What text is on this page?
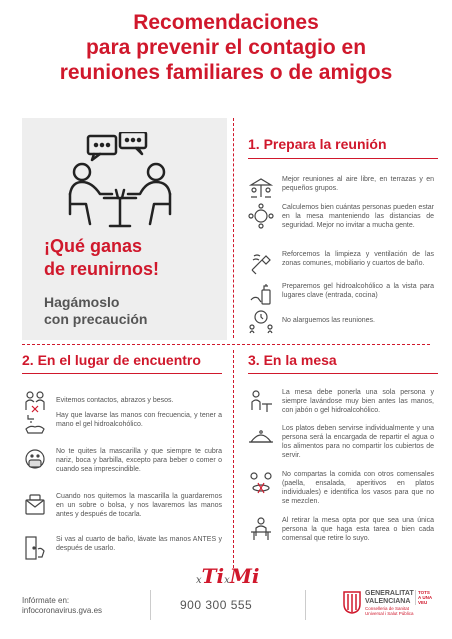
Recomendaciones
para prevenir el contagio en
reuniones familiares o de amigos
¡Qué ganas
de reunirnos!
Hagámoslo
con precaución
1. Prepara la reunión
Mejor reuniones al aire libre, en terrazas y en pequeños grupos.
Calculemos bien cuántas personas pueden estar en la mesa manteniendo las distancias de seguridad. Mejor no invitar a mucha gente.
Reforcemos la limpieza y ventilación de las zonas comunes, mobiliario y cuartos de baño.
Preparemos gel hidroalcohólico a la vista para lugares clave (entrada, cocina)
No alarguemos las reuniones.
2. En el lugar de encuentro
Evitemos contactos, abrazos y besos.
Hay que lavarse las manos con frecuencia, y tener a mano el gel hidroalcohólico.
No te quites la mascarilla y que siempre te cubra nariz, boca y barbilla, excepto para beber o comer o cuando sea imprescindible.
Cuando nos quitemos la mascarilla la guardaremos en un sobre o bolsa, y nos lavaremos las manos antes y después de tocarla.
Si vas al cuarto de baño, lávate las manos ANTES y después de usarlo.
3. En la mesa
La mesa debe ponerla una sola persona y siempre lavándose muy bien antes las manos, con jabón o gel hidroalcohólico.
Los platos deben servirse individualmente y una persona será la encargada de repartir el agua o los alimentos para no compartir los cubiertos de servir.
No compartas la comida con otros comensales (paella, ensalada, aperitivos en platos individuales) e identifica los vasos para que no se mezclen.
Al retirar la mesa opta por que sea una única persona la que haga esta tarea o bien cada comensal que retire lo suyo.
Infórmate en:
infocoronavirus.gva.es
xTixMi
900 300 555
GENERALITAT
VALENCIANA
Conselleria de Sanitat
Universal i Salut Pública
TOTS
A UNA
VEU
